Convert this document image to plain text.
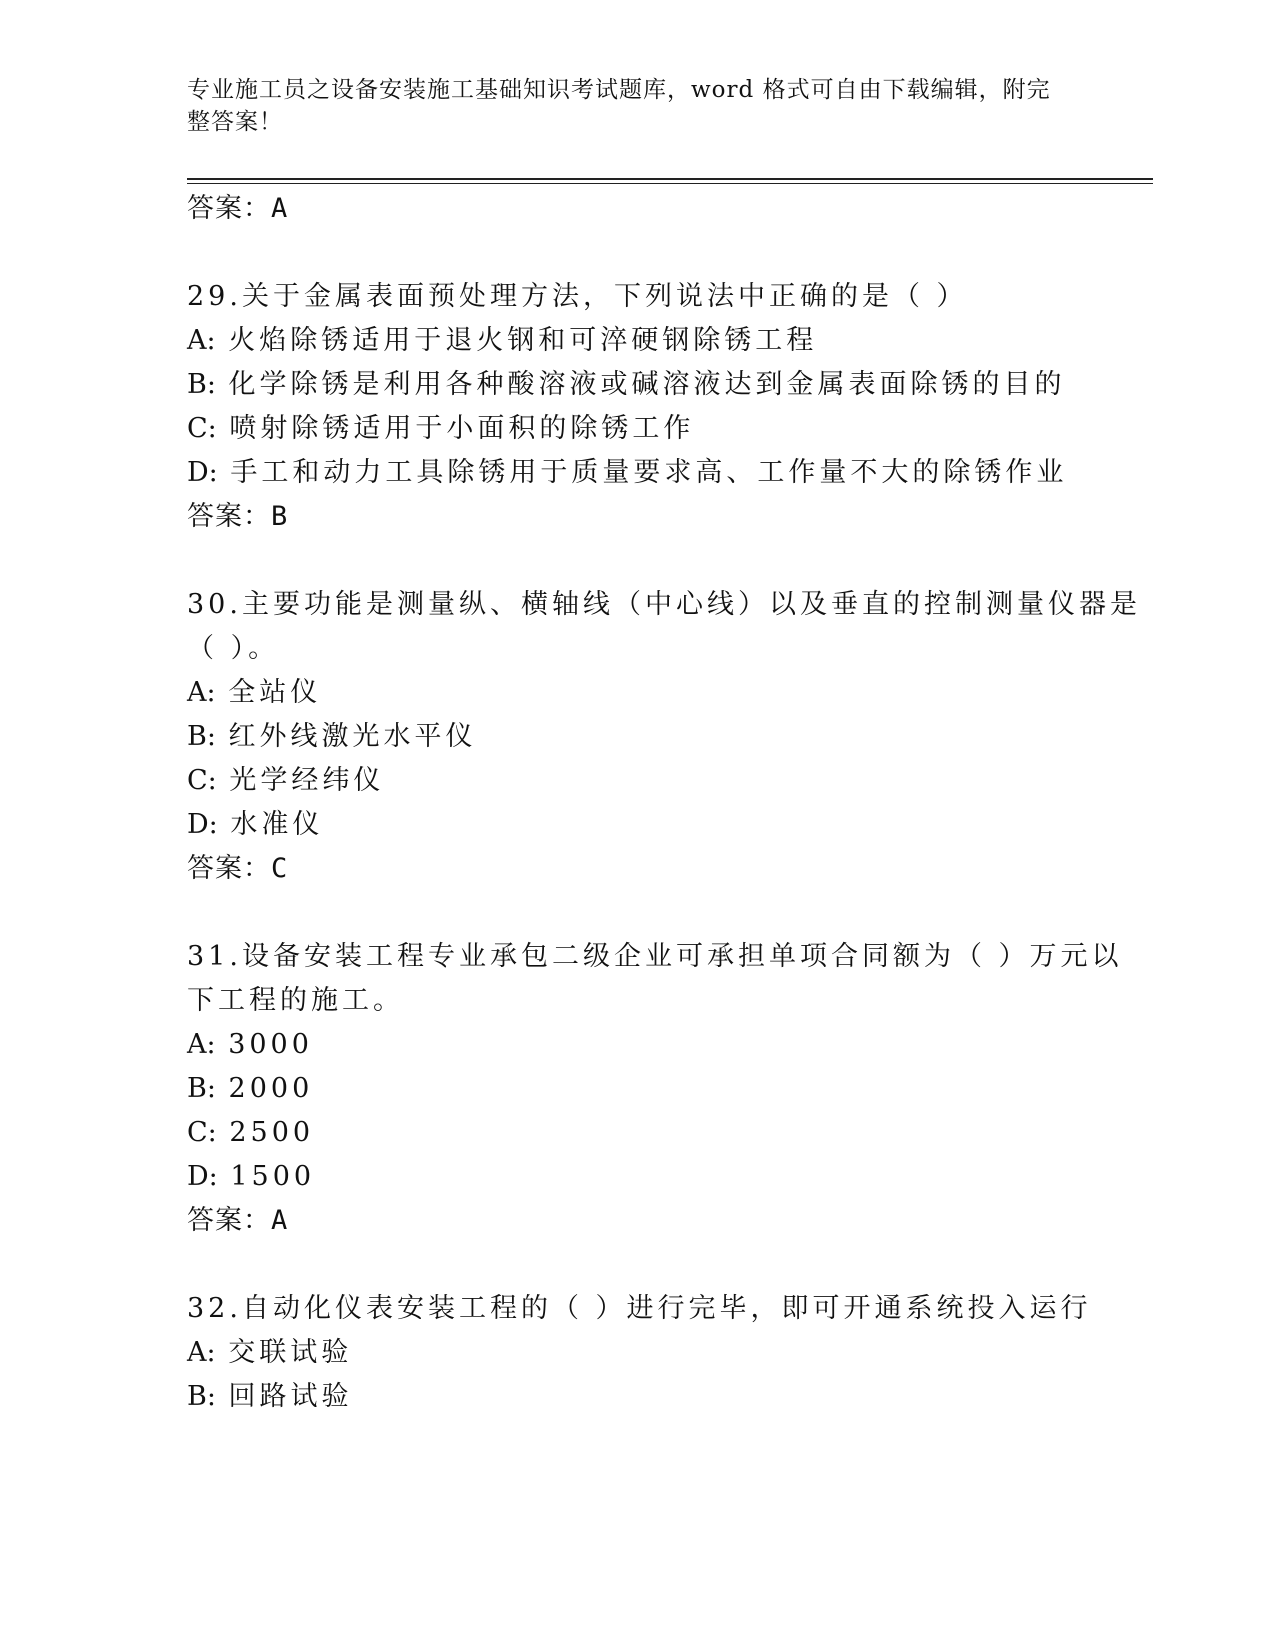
专业施工员之设备安装施工基础知识考试题库，word 格式可自由下载编辑，附完整答案！
答案：A
29.关于金属表面预处理方法，下列说法中正确的是（ ）
A: 火焰除锈适用于退火钢和可淬硬钢除锈工程
B: 化学除锈是利用各种酸溶液或碱溶液达到金属表面除锈的目的
C: 喷射除锈适用于小面积的除锈工作
D: 手工和动力工具除锈用于质量要求高、工作量不大的除锈作业
答案：B
30.主要功能是测量纵、横轴线（中心线）以及垂直的控制测量仪器是
（ ）。
A: 全站仪
B: 红外线激光水平仪
C: 光学经纬仪
D: 水准仪
答案：C
31.设备安装工程专业承包二级企业可承担单项合同额为（ ）万元以
下工程的施工。
A: 3000
B: 2000
C: 2500
D: 1500
答案：A
32.自动化仪表安装工程的（ ）进行完毕，即可开通系统投入运行
A: 交联试验
B: 回路试验
